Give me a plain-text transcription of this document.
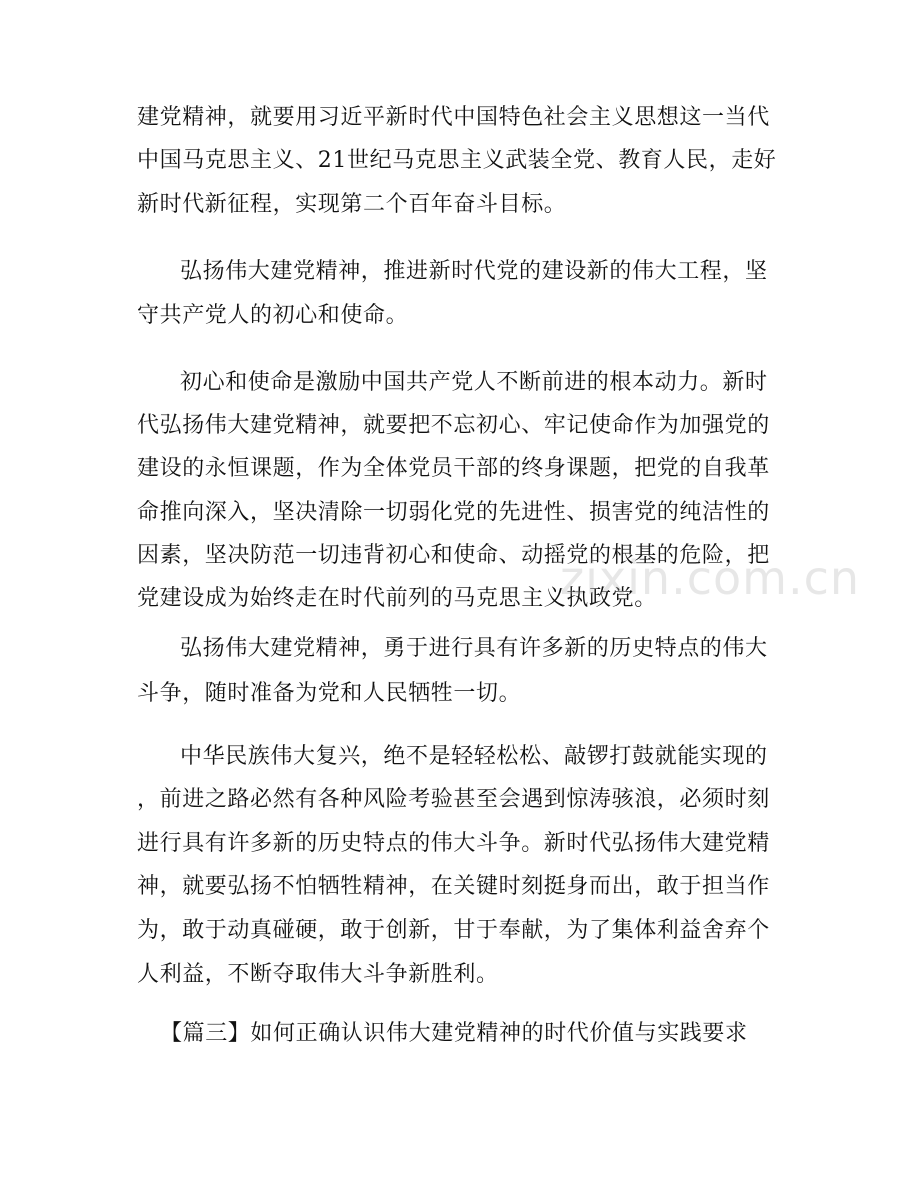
建党精神，就要用习近平新时代中国特色社会主义思想这一当代
中国马克思主义、21世纪马克思主义武装全党、教育人民，走好
新时代新征程，实现第二个百年奋斗目标。
弘扬伟大建党精神，推进新时代党的建设新的伟大工程，坚
守共产党人的初心和使命。
初心和使命是激励中国共产党人不断前进的根本动力。新时
代弘扬伟大建党精神，就要把不忘初心、牢记使命作为加强党的
建设的永恒课题，作为全体党员干部的终身课题，把党的自我革
命推向深入，坚决清除一切弱化党的先进性、损害党的纯洁性的
因素，坚决防范一切违背初心和使命、动摇党的根基的危险，把
党建设成为始终走在时代前列的马克思主义执政党。
弘扬伟大建党精神，勇于进行具有许多新的历史特点的伟大
斗争，随时准备为党和人民牺牲一切。
中华民族伟大复兴，绝不是轻轻松松、敲锣打鼓就能实现的
，前进之路必然有各种风险考验甚至会遇到惊涛骇浪，必须时刻
进行具有许多新的历史特点的伟大斗争。新时代弘扬伟大建党精
神，就要弘扬不怕牺牲精神，在关键时刻挺身而出，敢于担当作
为，敢于动真碰硬，敢于创新，甘于奉献，为了集体利益舍弃个
人利益，不断夺取伟大斗争新胜利。
【篇三】如何正确认识伟大建党精神的时代价值与实践要求
zixin.com.cn
